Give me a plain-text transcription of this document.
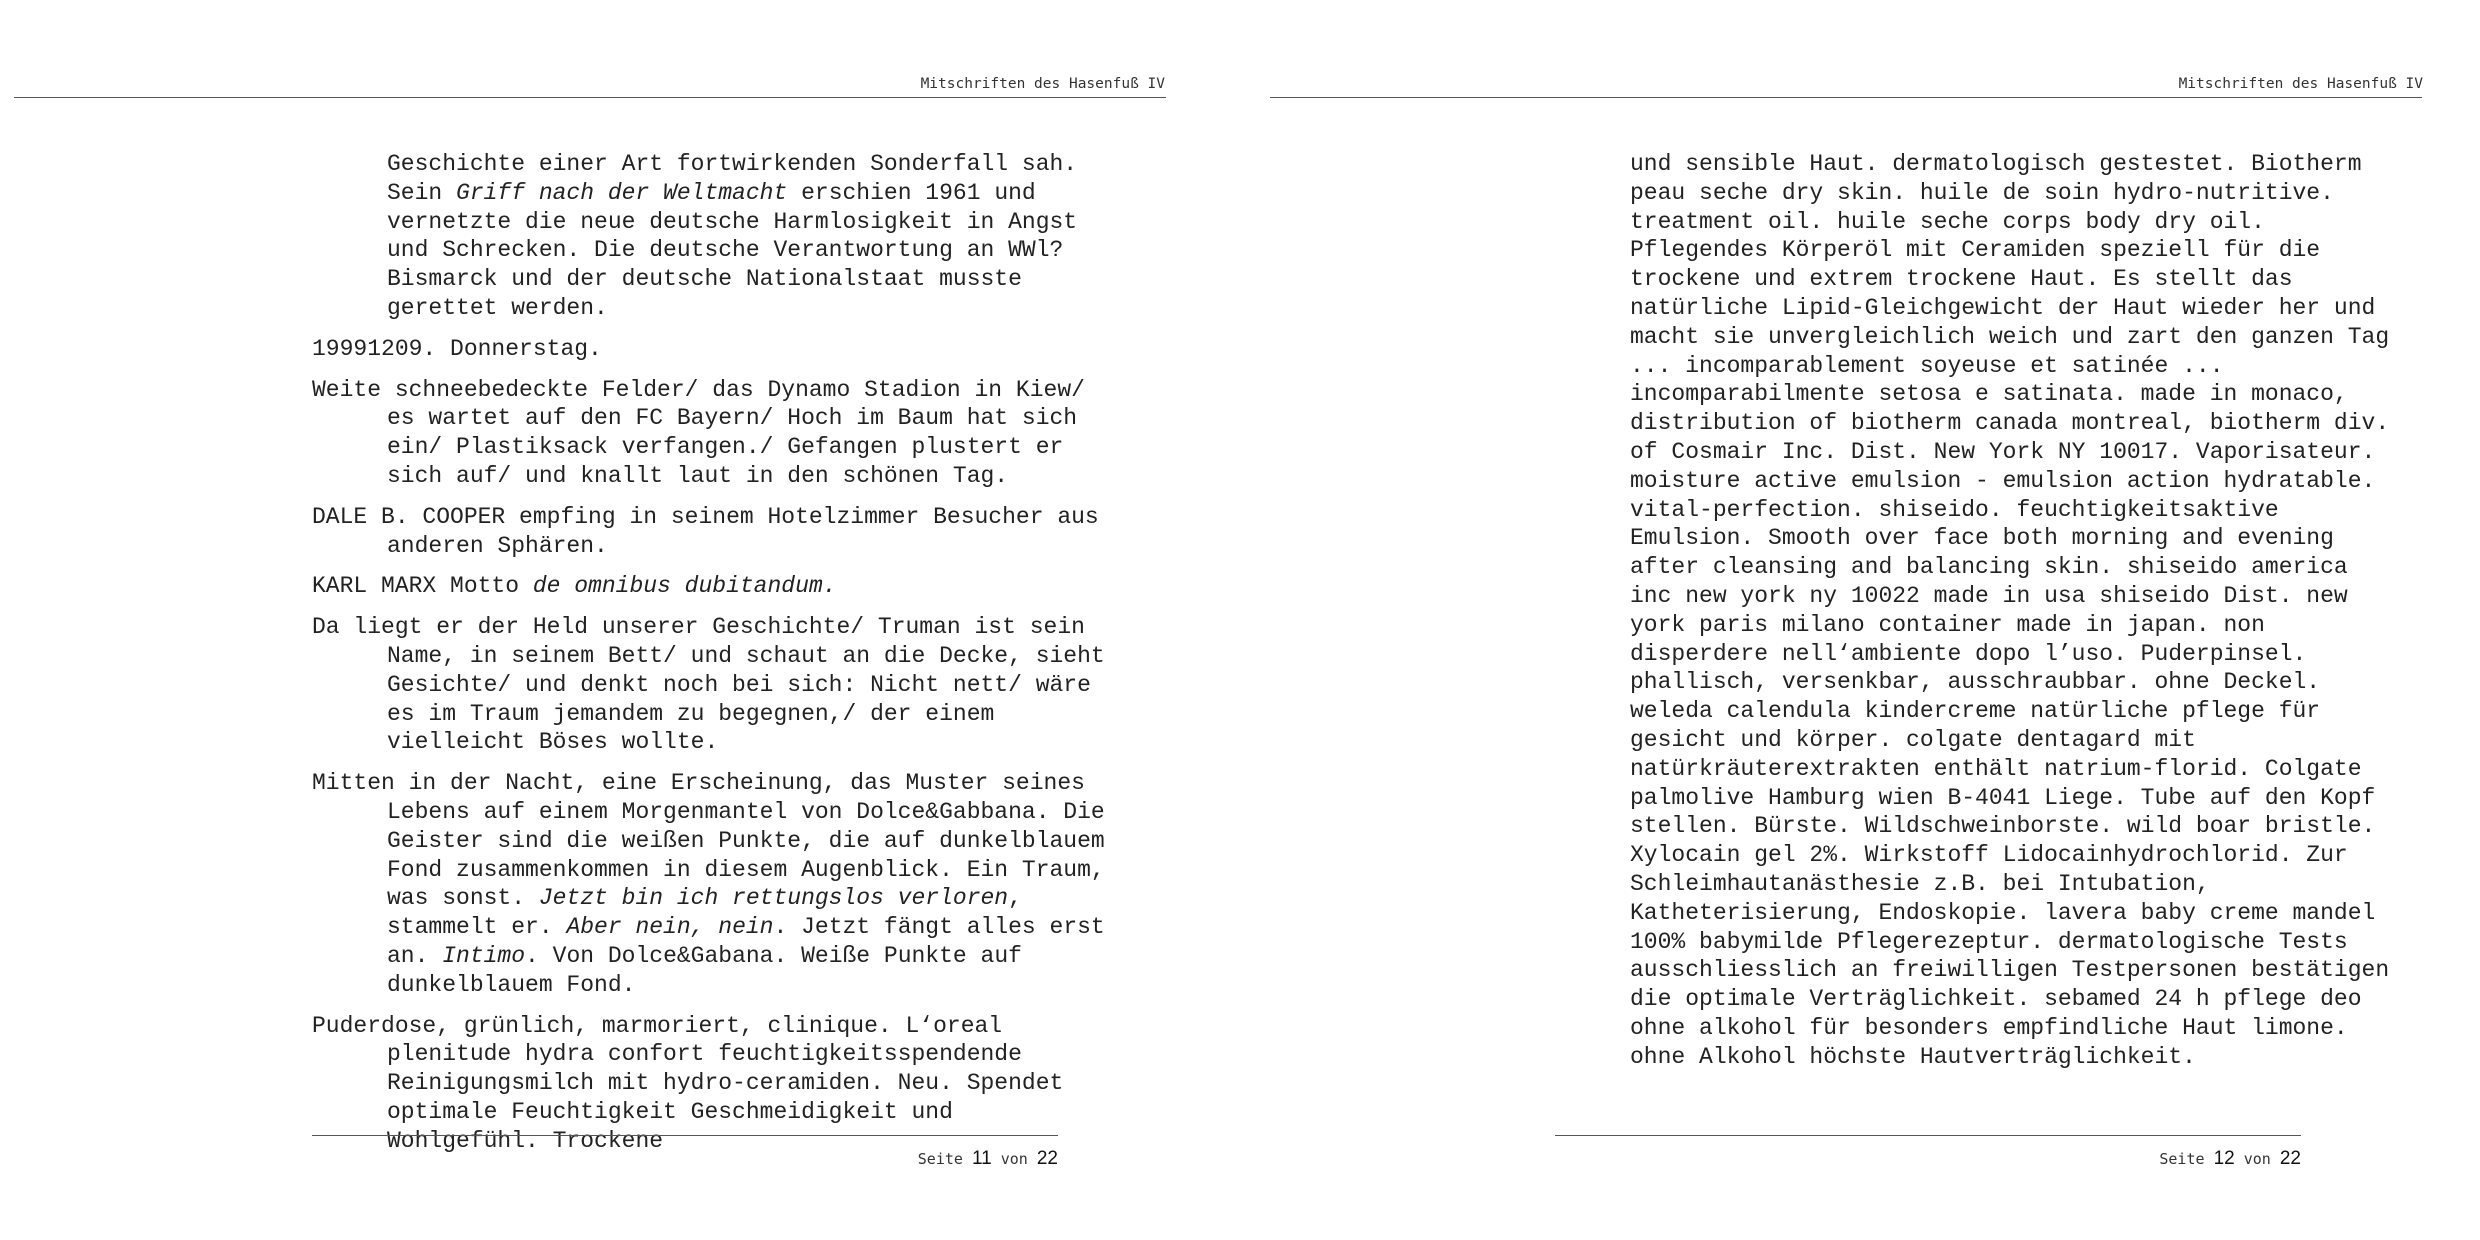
Mitschriften des Hasenfuß IV

Geschichte einer Art fortwirkenden Sonderfall sah. Sein Griff nach der Weltmacht erschien 1961 und vernetzte die neue deutsche Harmlosigkeit in Angst und Schrecken. Die deutsche Verantwortung an WWl? Bismarck und der deutsche Nationalstaat musste gerettet werden.

19991209. Donnerstag.

Weite schneebedeckte Felder/ das Dynamo Stadion in Kiew/ es wartet auf den FC Bayern/ Hoch im Baum hat sich ein/ Plastiksack verfangen./ Gefangen plustert er sich auf/ und knallt laut in den schönen Tag.

DALE B. COOPER empfing in seinem Hotelzimmer Besucher aus anderen Sphären.

KARL MARX Motto de omnibus dubitandum.

Da liegt er der Held unserer Geschichte/ Truman ist sein Name, in seinem Bett/ und schaut an die Decke, sieht Gesichte/ und denkt noch bei sich: Nicht nett/ wäre es im Traum jemandem zu begegnen,/ der einem vielleicht Böses wollte.

Mitten in der Nacht, eine Erscheinung, das Muster seines Lebens auf einem Morgenmantel von Dolce&Gabbana. Die Geister sind die weißen Punkte, die auf dunkelblauem Fond zusammenkommen in diesem Augenblick. Ein Traum, was sonst. Jetzt bin ich rettungslos verloren, stammelt er. Aber nein, nein. Jetzt fängt alles erst an. Intimo. Von Dolce&Gabana. Weiße Punkte auf dunkelblauem Fond.

Puderdose, grünlich, marmoriert, clinique. L‘oreal plenitude hydra confort feuchtigkeitsspendende Reinigungsmilch mit hydro-ceramiden. Neu. Spendet optimale Feuchtigkeit Geschmeidigkeit und Wohlgefühl. Trockene

Seite 11 von 22
Mitschriften des Hasenfuß IV

und sensible Haut. dermatologisch gestestet. Biotherm peau seche dry skin. huile de soin hydro-nutritive. treatment oil. huile seche corps body dry oil. Pflegendes Körperöl mit Ceramiden speziell für die trockene und extrem trockene Haut. Es stellt das natürliche Lipid-Gleichgewicht der Haut wieder her und macht sie unvergleichlich weich und zart den ganzen Tag ... incomparablement soyeuse et satinée ... incomparabilmente setosa e satinata. made in monaco, distribution of biotherm canada montreal, biotherm div. of Cosmair Inc. Dist. New York NY 10017. Vaporisateur. moisture active emulsion - emulsion action hydratable. vital-perfection. shiseido. feuchtigkeitsaktive Emulsion. Smooth over face both morning and evening after cleansing and balancing skin. shiseido america inc new york ny 10022 made in usa shiseido Dist. new york paris milano container made in japan. non disperdere nell‘ambiente dopo l’uso. Puderpinsel. phallisch, versenkbar, ausschraubbar. ohne Deckel. weleda calendula kindercreme natürliche pflege für gesicht und körper. colgate dentagard mit natürkräuterextrakten enthält natrium-florid. Colgate palmolive Hamburg wien B-4041 Liege. Tube auf den Kopf stellen. Bürste. Wildschweinborste. wild boar bristle. Xylocain gel 2%. Wirkstoff Lidocainhydrochlorid. Zur Schleimhautanästhesie z.B. bei Intubation, Katheterisierung, Endoskopie. lavera baby creme mandel 100% babymilde Pflegerezeptur. dermatologische Tests ausschliesslich an freiwilligen Testpersonen bestätigen die optimale Verträglichkeit. sebamed 24 h pflege deo ohne alkohol für besonders empfindliche Haut limone. ohne Alkohol höchste Hautverträglichkeit.

Seite 12 von 22
